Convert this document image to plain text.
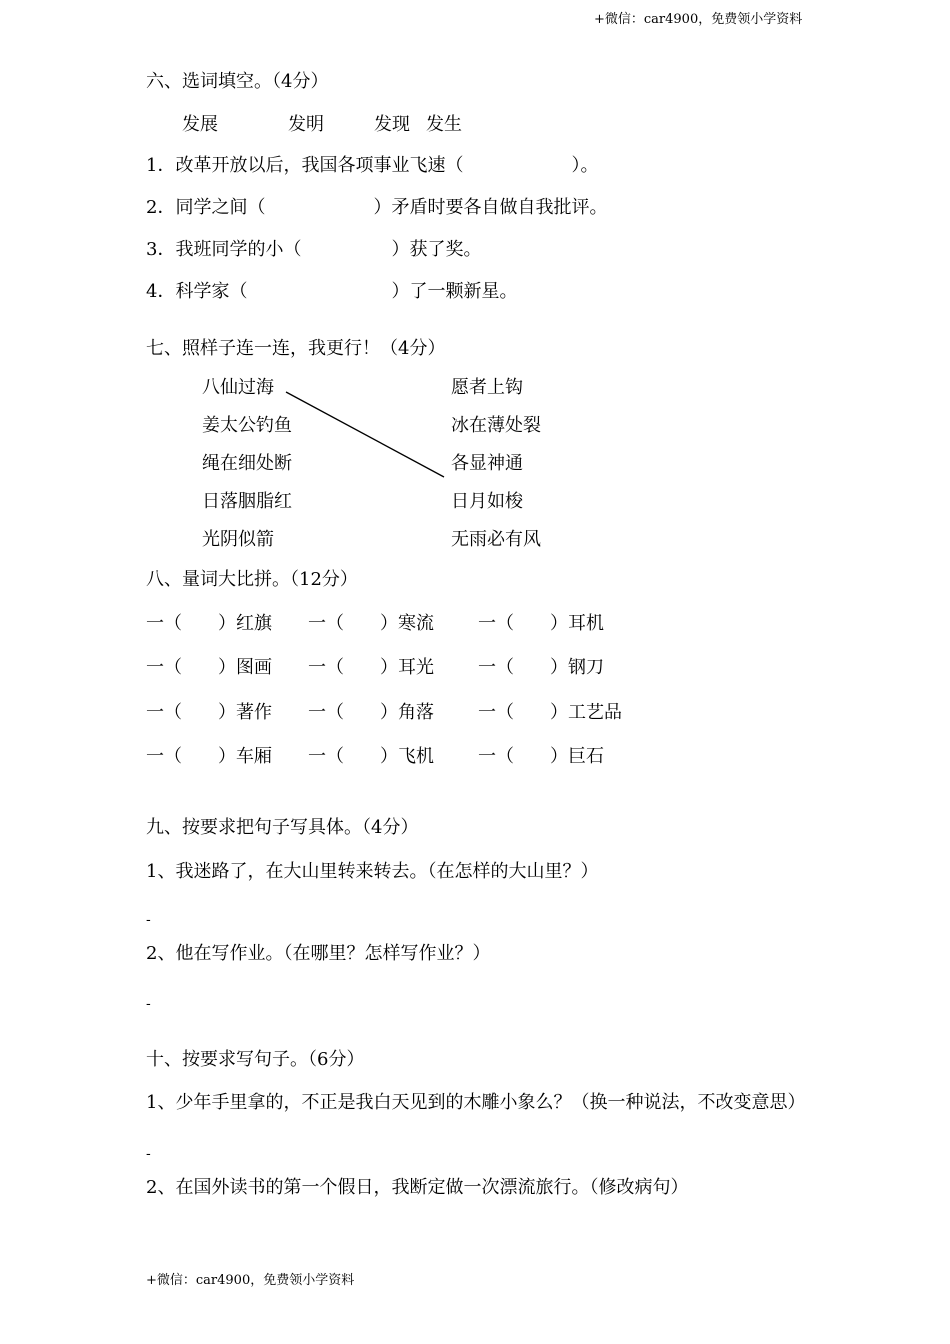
+微信：car4900，免费领小学资料
六、选词填空。（4分）
发展	发明	发现 发生
1．改革开放以后，我国各项事业飞速（　　　　　　）。
2．同学之间（　　　　　　）矛盾时要各自做自我批评。
3．我班同学的小（　　　　　）获了奖。
4．科学家（　　　　　　　　）了一颗新星。
七、照样子连一连，我更行！（4分）
八仙过海
姜太公钓鱼
绳在细处断
日落胭脂红
光阴似箭
愿者上钩
冰在薄处裂
各显神通
日月如梭
无雨必有风
八、量词大比拼。（12分）
一（　　）红旗 一（　　）寒流 一（　　）耳机
一（　　）图画 一（　　）耳光 一（　　）钢刀
一（　　）著作 一（　　）角落 一（　　）工艺品
一（　　）车厢 一（　　）飞机 一（　　）巨石
九、按要求把句子写具体。（4分）
1、我迷路了，在大山里转来转去。（在怎样的大山里？）
-
2、他在写作业。（在哪里？怎样写作业？）
-
十、按要求写句子。（6分）
1、少年手里拿的，不正是我白天见到的木雕小象么？（换一种说法，不改变意思）
-
2、在国外读书的第一个假日，我断定做一次漂流旅行。（修改病句）
+微信：car4900，免费领小学资料
